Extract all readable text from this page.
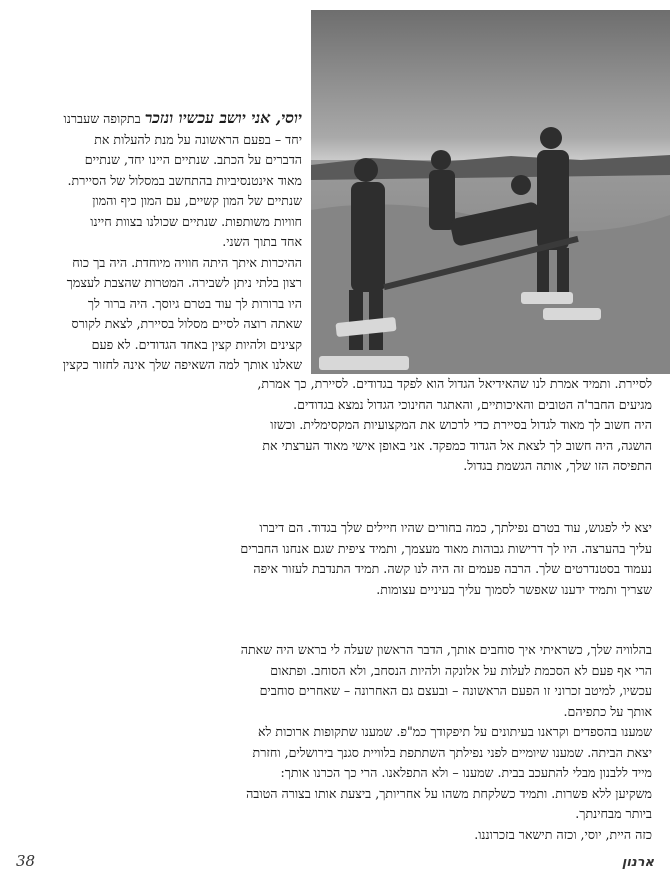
יוסי, אני יושב עכשיו ונזכר בתקופה שעברנו

יחד – בפעם הראשונה על מנת להעלות את

הדברים על הכתב. שנתיים היינו יחד, שנתיים

מאוד אינטנסיביות בהתחשב במסלול של הסיירת.

שנתיים של המון קשיים, עם המון כיף והמון

חוויות משותפות. שנתיים שכולנו בצוות חיינו

אחד בתוך השני.

ההיכרות איתך היתה חוויה מיוחדת. היה בך כוח

רצון בלתי ניתן לשבירה. המטרות שהצבת לעצמך

היו ברורות לך עוד בטרם גיוסך. היה ברור לך

שאתה רוצה לסיים מסלול בסיירת, לצאת לקורס

קצינים ולהיות קצין באחד הגדודים. לא פעם

שאלנו אותך למה השאיפה שלך אינה לחזור כקצין

לסיירת. ותמיד אמרת לנו שהאידיאל הגדול הוא לפקד בגדודים. לסיירת, כך אמרת,

מגיעים החבר'ה הטובים והאיכותיים, והאתגר החינוכי הגדול נמצא בגדודים.

היה חשוב לך מאוד לגדול בסיירת כדי לרכוש את המקצועיות המקסימלית. וכשזו

הושגה, היה חשוב לך לצאת אל הגדוד כמפקד. אני באופן אישי מאוד הערצתי את

התפיסה הזו שלך, אותה הגשמת בגדול.

יצא לי לפגוש, עוד בטרם נפילתך, כמה בחורים שהיו חיילים שלך בגדוד. הם דיברו

עליך בהערצה. היו לך דרישות גבוהות מאוד מעצמך, ותמיד ציפית שגם אנחנו החברים

נעמוד בסטנדרטים שלך. הרבה פעמים זה היה לנו קשה. תמיד התנדבת לעזור איפה

שצריך ותמיד ידענו שאפשר לסמוך עליך בעיניים עצומות.

בהלוויה שלך, כשראיתי איך סוחבים אותך, הדבר הראשון שעלה לי בראש היה שאתה

הרי אף פעם לא הסכמת לעלות על אלונקה ולהיות הנסחב, ולא הסוחב. ופתאום

עכשיו, למיטב זכרוני זו הפעם הראשונה – ובעצם גם האחרונה – שאחרים סוחבים

אותך על כתפיהם.

שמענו בהספדים וקראנו בעיתונים על תיפקודך כמ"פ. שמענו שתקופות ארוכות לא

יצאת הביתה. שמענו שיומיים לפני נפילתך השתתפת בלוויית סגנך בירושלים, וחזרת

מייד ללבנון מבלי להתעכב בבית. שמענו – ולא התפלאנו. הרי כך הכרנו אותך:

משקיען ללא פשרות. ותמיד כשלקחת משהו על אחריותך, ביצעת אותו בצורה הטובה

ביותר מבחינתך.

כזה היית, יוסי, וכזה תישאר בזכרוננו.

38	ארנון
